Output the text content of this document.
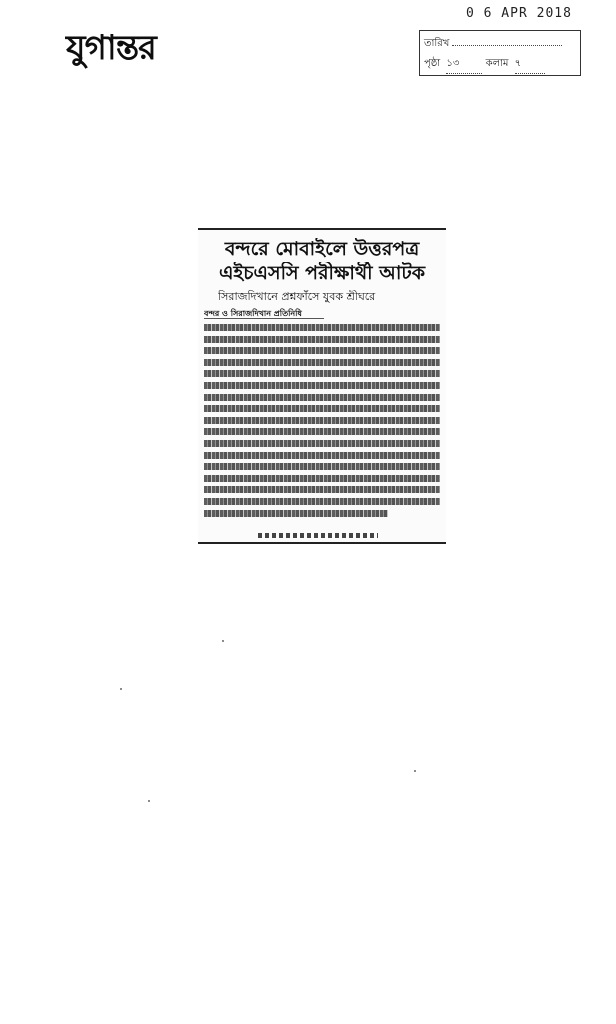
যুগান্তর
0 6 APR 2018
তারিখ
পৃষ্ঠা ১৩	কলাম ৭
বন্দরে মোবাইলে উত্তরপত্র
এইচএসসি পরীক্ষার্থী আটক
সিরাজদিখানে প্রশ্নফাঁসে যুবক শ্রীঘরে
বন্দর ও সিরাজদিখান প্রতিনিধি
